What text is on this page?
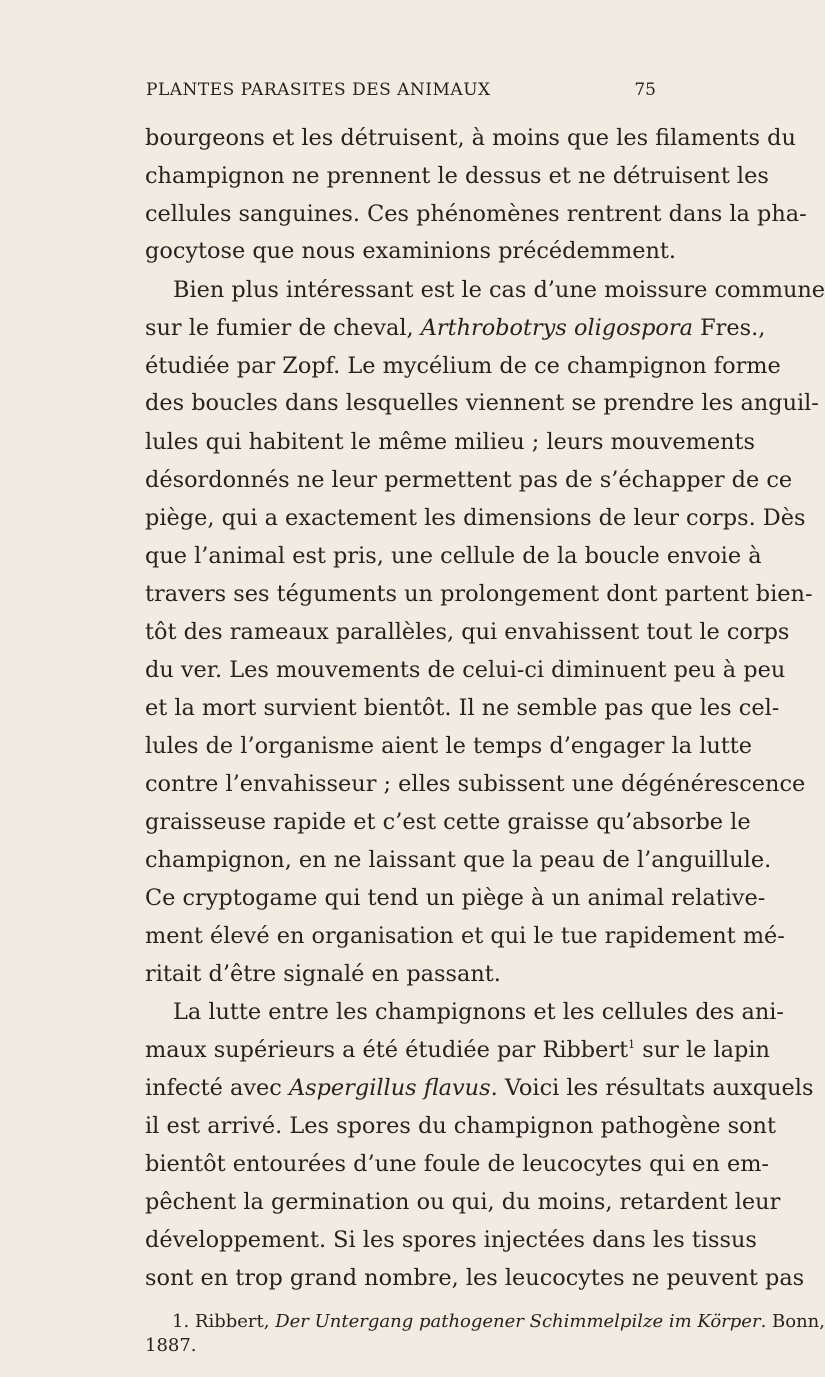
PLANTES PARASITES DES ANIMAUX	75
bourgeons et les détruisent, à moins que les filaments du
champignon ne prennent le dessus et ne détruisent les
cellules sanguines. Ces phénomènes rentrent dans la pha-
gocytose que nous examinions précédemment.
Bien plus intéressant est le cas d’une moissure commune
sur le fumier de cheval, Arthrobotrys oligospora Fres.,
étudiée par Zopf. Le mycélium de ce champignon forme
des boucles dans lesquelles viennent se prendre les anguil-
lules qui habitent le même milieu ; leurs mouvements
désordonnés ne leur permettent pas de s’échapper de ce
piège, qui a exactement les dimensions de leur corps. Dès
que l’animal est pris, une cellule de la boucle envoie à
travers ses téguments un prolongement dont partent bien-
tôt des rameaux parallèles, qui envahissent tout le corps
du ver. Les mouvements de celui-ci diminuent peu à peu
et la mort survient bientôt. Il ne semble pas que les cel-
lules de l’organisme aient le temps d’engager la lutte
contre l’envahisseur ; elles subissent une dégénérescence
graisseuse rapide et c’est cette graisse qu’absorbe le
champignon, en ne laissant que la peau de l’anguillule.
Ce cryptogame qui tend un piège à un animal relative-
ment élevé en organisation et qui le tue rapidement mé-
ritait d’être signalé en passant.
La lutte entre les champignons et les cellules des ani-
maux supérieurs a été étudiée par Ribbert$^1$ sur le lapin
infecté avec Aspergillus flavus. Voici les résultats auxquels
il est arrivé. Les spores du champignon pathogène sont
bientôt entourées d’une foule de leucocytes qui en em-
pêchent la germination ou qui, du moins, retardent leur
développement. Si les spores injectées dans les tissus
sont en trop grand nombre, les leucocytes ne peuvent pas
1. Ribbert, Der Untergang pathogener Schimmelpilze im Körper. Bonn,
1887.
